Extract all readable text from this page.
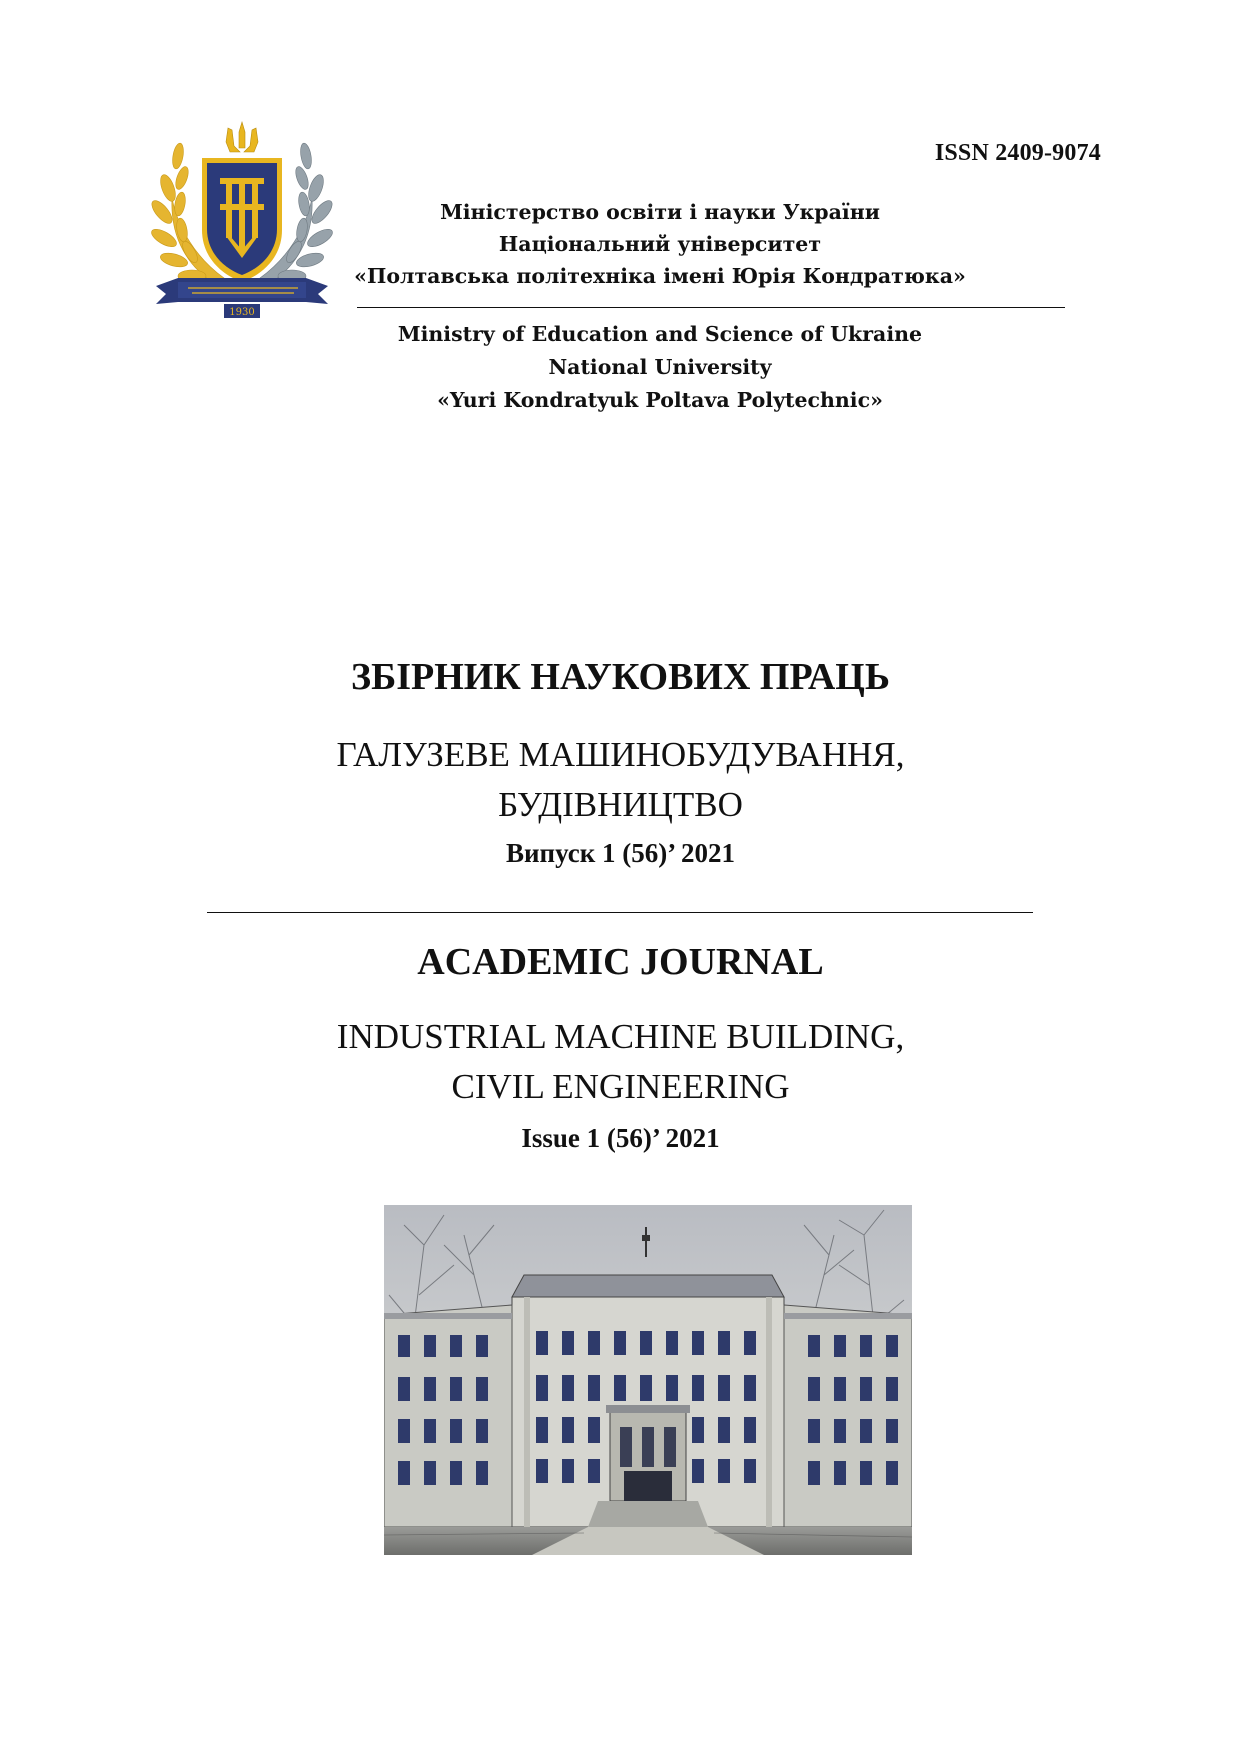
ISSN 2409-9074
1930
Міністерство освіти і науки України
Національний університет
«Полтавська політехніка імені Юрія Кондратюка»
Ministry of Education and Science of Ukraine
National University
«Yuri Kondratyuk Poltava Polytechnic»
ЗБІРНИК НАУКОВИХ ПРАЦЬ
ГАЛУЗЕВЕ МАШИНОБУДУВАННЯ,
БУДІВНИЦТВО
Випуск 1 (56)’ 2021
ACADEMIC JOURNAL
INDUSTRIAL MACHINE BUILDING,
CIVIL ENGINEERING
Issue 1 (56)’ 2021
